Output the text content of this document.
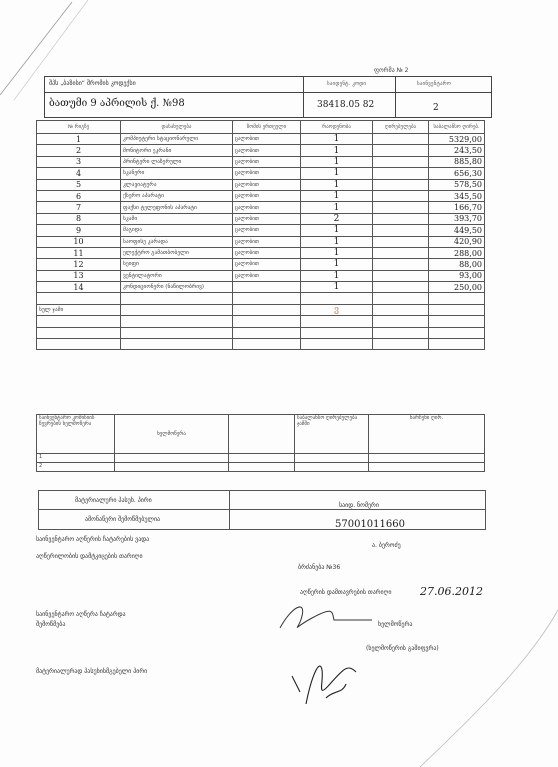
ფორმა № 2
შპს „ბაზისი“ შრომის კოდექსი
ბათუმი 9 აპრილის ქ. №98
საიდენტ. კოდი
38418.05 82
საინვენტარო
2
№ რიგზე	დასახელება	ზომის ერთეული	რაოდენობა	ღირებულება	საბალანსო ღირებ.
1	კომპიუტერი სტაციონარული	ცალობით	1		5329,00
2	მონიტორი ეკრანი	ცალობით	1		243,50
3	პრინტერი ლაზერული	ცალობით	1		885,80
4	სკანერი	ცალობით	1		656,30
5	კლავიატურა	ცალობით	1		578,50
6	ქსერო აპარატი	ცალობით	1		345,50
7	ფაქსი ტელეფონის აპარატი	ცალობით	1		166,70
8	სკამი	ცალობით	2		393,70
9	მაგიდა	ცალობით	1		449,50
10	საოფისე კარადა	ცალობით	1		420,90
11	ელექტრო გამათბობელი	ცალობით	1		288,00
12	სეიფი	ცალობით	1		88,00
13	ვენტილატორი	ცალობით	1		93,00
14	კონდიციონერი (ნაწილობრივ)		1		250,00

სულ ჯამი			ვ		

საინვენტარო კომისიის წევრების ხელმოწერა	ხელმოწერა		საბალანსო ღირებულება ჯამში	ნარჩენი ღირ.
1				
2				
მატერიალური პასუხ. პირი
ამონაწერი შემოწმებულია
საიდ. ნომერი
57001011660
საინვენტარო აღწერის ჩატარების ვადა
აღწერილობის დამტკიცების თარიღი
ა. ბეროძე
ბრძანება №36
აღწერის დამთავრების თარიღი	27.06.2012
საინვენტარო აღწერა ჩატარდა შემოწმება	ხელმოწერა
(ხელმოწერის გაშიფვრა)
მატერიალურად პასუხისმგებელი პირი
